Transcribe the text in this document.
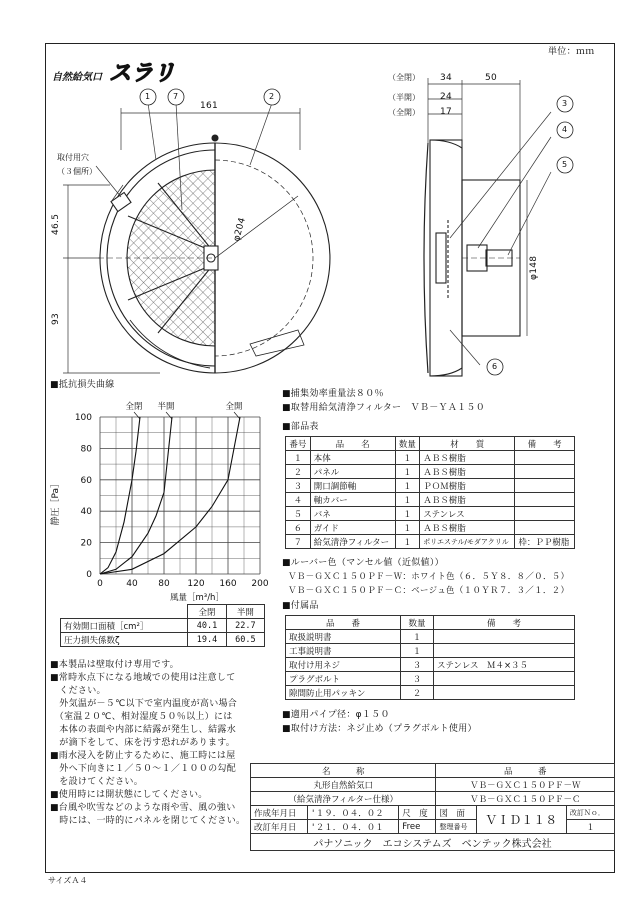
自然給気口 スラリ
単位：ｍｍ
1	7	2
161
取付用穴
（３個所）
46.5
93
φ204
（全閉）
（半開）
（全開）
34	50
24
17
φ148
3
4
5
6
■抵抗損失曲線
0	40 80 120 160 200
0
20
40
60
80
100
風量［m³/h］
静圧［Pa］
全閉 半開	全開
	全閉	半開
有効開口面積［cm²］	40.1	22.7
圧力損失係数ζ	19.4	60.5
■捕集効率重量法８０％
■取替用給気清浄フィルター　ＶＢ－ＹＡ１５０
■部品表
番号	品　　名	数量	材　　質	備　　考
１	本体	１	ＡＢＳ樹脂	
２	パネル	１	ＡＢＳ樹脂	
３	開口調節軸	１	ＰＯＭ樹脂	
４	軸カバー	１	ＡＢＳ樹脂	
５	バネ	１	ステンレス	
６	ガイド	１	ＡＢＳ樹脂	
７	給気清浄フィルター	１	ポリエステル/モダアクリル	枠：ＰＰ樹脂
■ルーバー色（マンセル値（近似値））
ＶＢ－ＧＸＣ１５０ＰＦ－Ｗ：ホワイト色（６．５Ｙ８．８／０．５）
ＶＢ－ＧＸＣ１５０ＰＦ－Ｃ：ベージュ色（１０ＹＲ７．３／１．２）
■付属品
品　　番	数量	備　　考
取扱説明書	１	
工事説明書	１	
取付け用ネジ	３	ステンレス　Ｍ４×３５
プラグボルト	３	
隙間防止用パッキン	２	
■適用パイプ径：φ１５０
■取付け方法：ネジ止め（プラグボルト使用）
■本製品は壁取付け専用です。
■常時氷点下になる地域での使用は注意して
　ください。
　外気温が－５℃以下で室内温度が高い場合
　（室温２０℃、相対湿度５０％以上）には
　本体の表面や内部に結露が発生し、結露水
　が滴下をして、床を汚す恐れがあります。
■雨水浸入を防止するために、施工時には屋
　外へ下向きに１／５０～１／１００の勾配
　を設けてください。
■使用時には開状態にしてください。
■台風や吹雪などのような雨や雪、風の強い
　時には、一時的にパネルを閉じてください。
名　　　称			品　　　番		
丸形自然給気口			ＶＢ－ＧＸＣ１５０ＰＦ－Ｗ		
（給気清浄フィルター仕様）			ＶＢ－ＧＸＣ１５０ＰＦ－Ｃ		
作成年月日	'１９．０４．０２	尺　度	図　面	ＶＩＤ１１８	改訂Ｎｏ．
改訂年月日	'２１．０４．０１	Free	整理番号		１
パナソニック　エコシステムズ　ベンテック株式会社					
サイズＡ４
